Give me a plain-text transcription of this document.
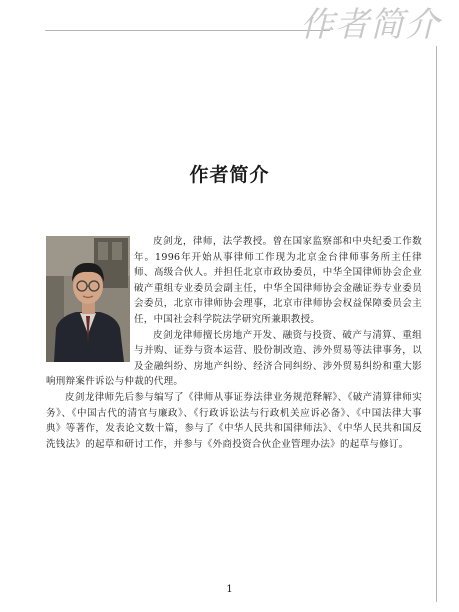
作者简介
作者简介

皮剑龙，律师，法学教授。曾在国家监察部和中央纪委工作数年。1996年开始从事律师工作现为北京金台律师事务所主任律师、高级合伙人。并担任北京市政协委员，中华全国律师协会企业破产重组专业委员会副主任，中华全国律师协会金融证券专业委员会委员，北京市律师协会理事，北京市律师协会权益保障委员会主任，中国社会科学院法学研究所兼职教授。

皮剑龙律师擅长房地产开发、融资与投资、破产与清算、重组与并购、证券与资本运营、股份制改造、涉外贸易等法律事务，以及金融纠纷、房地产纠纷、经济合同纠纷、涉外贸易纠纷和重大影响刑辩案件诉讼与仲裁的代理。

皮剑龙律师先后参与编写了《律师从事证券法律业务规范释解》、《破产清算律师实务》、《中国古代的清官与廉政》、《行政诉讼法与行政机关应诉必备》、《中国法律大事典》等著作，发表论文数十篇，参与了《中华人民共和国律师法》、《中华人民共和国反洗钱法》的起草和研讨工作，并参与《外商投资合伙企业管理办法》的起草与修订。

1
